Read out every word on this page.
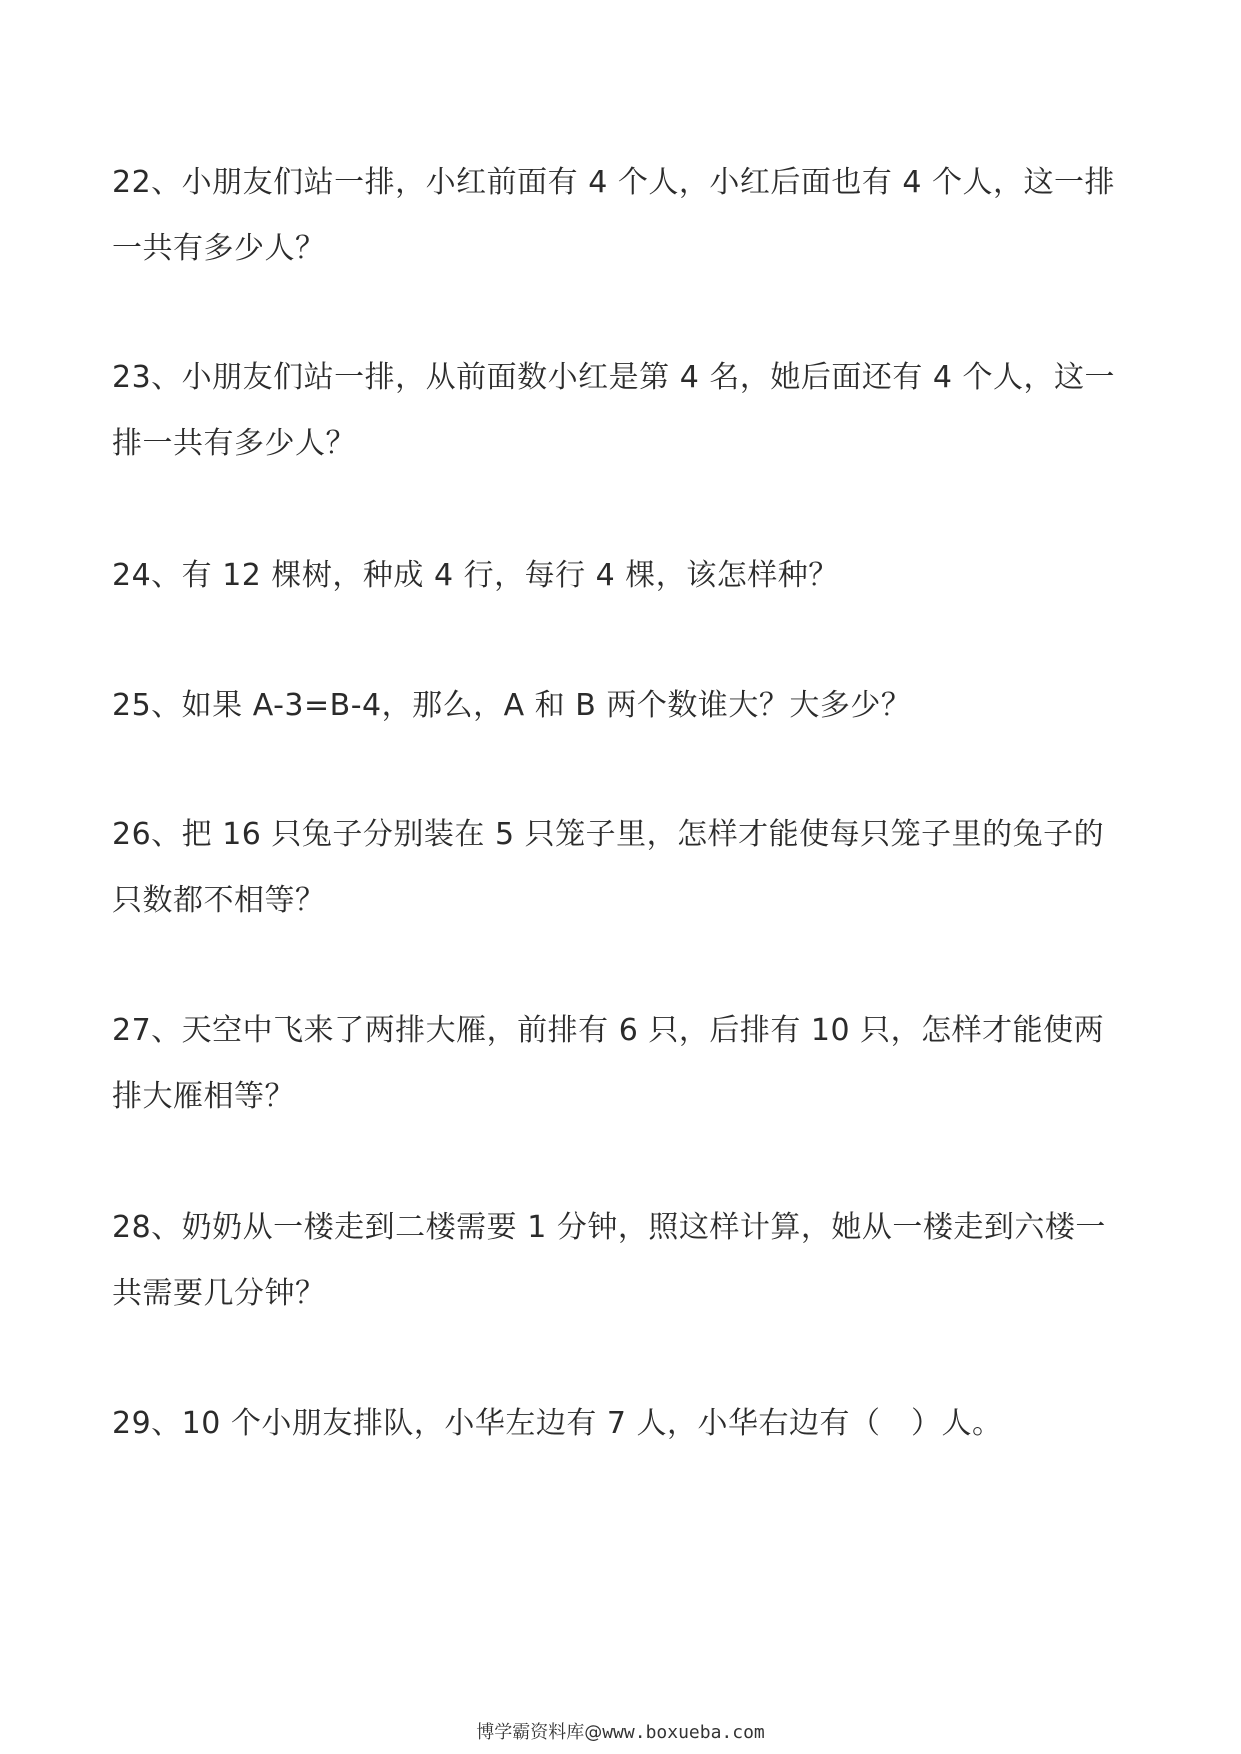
22、小朋友们站一排，小红前面有 4 个人，小红后面也有 4 个人，这一排一共有多少人？

23、小朋友们站一排，从前面数小红是第 4 名，她后面还有 4 个人，这一排一共有多少人？

24、有 12 棵树，种成 4 行，每行 4 棵，该怎样种？

25、如果 A-3=B-4，那么，A 和 B 两个数谁大？大多少？

26、把 16 只兔子分别装在 5 只笼子里，怎样才能使每只笼子里的兔子的只数都不相等？

27、天空中飞来了两排大雁，前排有 6 只，后排有 10 只，怎样才能使两排大雁相等？

28、奶奶从一楼走到二楼需要 1 分钟，照这样计算，她从一楼走到六楼一共需要几分钟？

29、10 个小朋友排队，小华左边有 7 人，小华右边有（　）人。

博学霸资料库@www.boxueba.com
